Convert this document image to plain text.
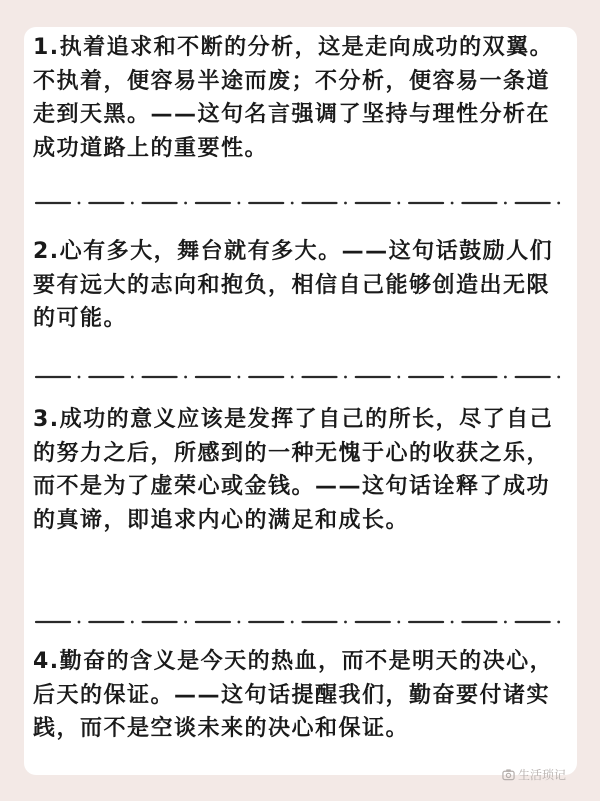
1.执着追求和不断的分析，这是走向成功的双翼。不执着，便容易半途而废；不分析，便容易一条道走到天黑。——这句名言强调了坚持与理性分析在成功道路上的重要性。

2.心有多大，舞台就有多大。——这句话鼓励人们要有远大的志向和抱负，相信自己能够创造出无限的可能。

3.成功的意义应该是发挥了自己的所长，尽了自己的努力之后，所感到的一种无愧于心的收获之乐，而不是为了虚荣心或金钱。——这句话诠释了成功的真谛，即追求内心的满足和成长。

4.勤奋的含义是今天的热血，而不是明天的决心，后天的保证。——这句话提醒我们，勤奋要付诸实践，而不是空谈未来的决心和保证。

生活琐记
